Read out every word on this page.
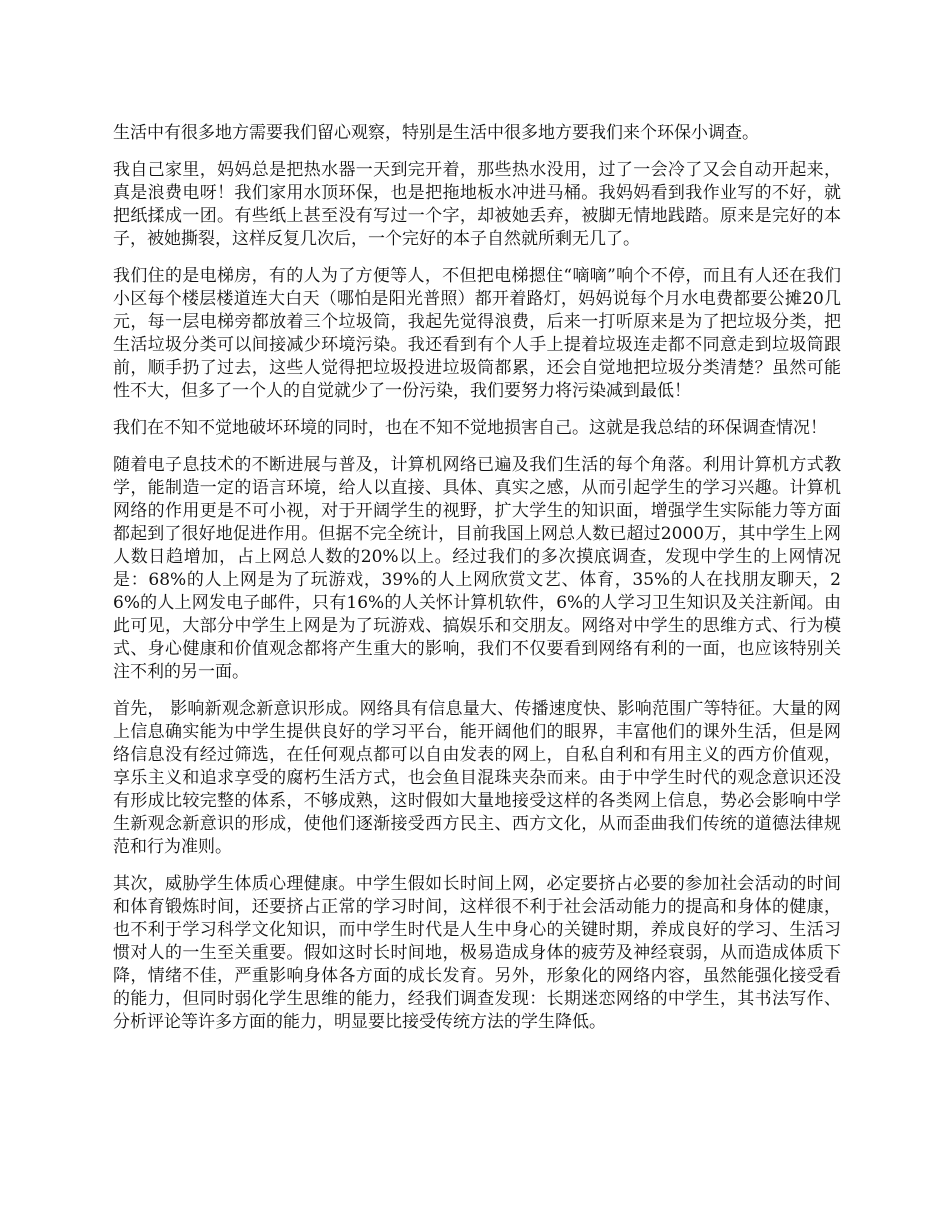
生活中有很多地方需要我们留心观察，特别是生活中很多地方要我们来个环保小调查。

我自己家里，妈妈总是把热水器一天到完开着，那些热水没用，过了一会冷了又会自动开起来，真是浪费电呀！我们家用水顶环保，也是把拖地板水冲进马桶。我妈妈看到我作业写的不好，就把纸揉成一团。有些纸上甚至没有写过一个字，却被她丢弃，被脚无情地践踏。原来是完好的本子，被她撕裂，这样反复几次后，一个完好的本子自然就所剩无几了。

我们住的是电梯房，有的人为了方便等人，不但把电梯摁住“嘀嘀”响个不停，而且有人还在我们小区每个楼层楼道连大白天（哪怕是阳光普照）都开着路灯，妈妈说每个月水电费都要公摊20几元，每一层电梯旁都放着三个垃圾筒，我起先觉得浪费，后来一打听原来是为了把垃圾分类，把生活垃圾分类可以间接减少环境污染。我还看到有个人手上提着垃圾连走都不同意走到垃圾筒跟前，顺手扔了过去，这些人觉得把垃圾投进垃圾筒都累，还会自觉地把垃圾分类清楚？虽然可能性不大，但多了一个人的自觉就少了一份污染，我们要努力将污染减到最低！

我们在不知不觉地破坏环境的同时，也在不知不觉地损害自己。这就是我总结的环保调查情况！

随着电子息技术的不断进展与普及，计算机网络已遍及我们生活的每个角落。利用计算机方式教学，能制造一定的语言环境，给人以直接、具体、真实之感，从而引起学生的学习兴趣。计算机网络的作用更是不可小视，对于开阔学生的视野，扩大学生的知识面，增强学生实际能力等方面都起到了很好地促进作用。但据不完全统计，目前我国上网总人数已超过2000万，其中学生上网人数日趋增加，占上网总人数的20%以上。经过我们的多次摸底调查，发现中学生的上网情况是：68%的人上网是为了玩游戏，39%的人上网欣赏文艺、体育，35%的人在找朋友聊天，26%的人上网发电子邮件，只有16%的人关怀计算机软件，6%的人学习卫生知识及关注新闻。由此可见，大部分中学生上网是为了玩游戏、搞娱乐和交朋友。网络对中学生的思维方式、行为模式、身心健康和价值观念都将产生重大的影响，我们不仅要看到网络有利的一面，也应该特别关注不利的另一面。

首先， 影响新观念新意识形成。网络具有信息量大、传播速度快、影响范围广等特征。大量的网上信息确实能为中学生提供良好的学习平台，能开阔他们的眼界，丰富他们的课外生活，但是网络信息没有经过筛选，在任何观点都可以自由发表的网上，自私自利和有用主义的西方价值观，享乐主义和追求享受的腐朽生活方式，也会鱼目混珠夹杂而来。由于中学生时代的观念意识还没有形成比较完整的体系，不够成熟，这时假如大量地接受这样的各类网上信息，势必会影响中学生新观念新意识的形成，使他们逐渐接受西方民主、西方文化，从而歪曲我们传统的道德法律规范和行为准则。

其次，威胁学生体质心理健康。中学生假如长时间上网，必定要挤占必要的参加社会活动的时间和体育锻炼时间，还要挤占正常的学习时间，这样很不利于社会活动能力的提高和身体的健康，也不利于学习科学文化知识，而中学生时代是人生中身心的关键时期，养成良好的学习、生活习惯对人的一生至关重要。假如这时长时间地，极易造成身体的疲劳及神经衰弱，从而造成体质下降，情绪不佳，严重影响身体各方面的成长发育。另外，形象化的网络内容，虽然能强化接受看的能力，但同时弱化学生思维的能力，经我们调查发现：长期迷恋网络的中学生，其书法写作、分析评论等许多方面的能力，明显要比接受传统方法的学生降低。
